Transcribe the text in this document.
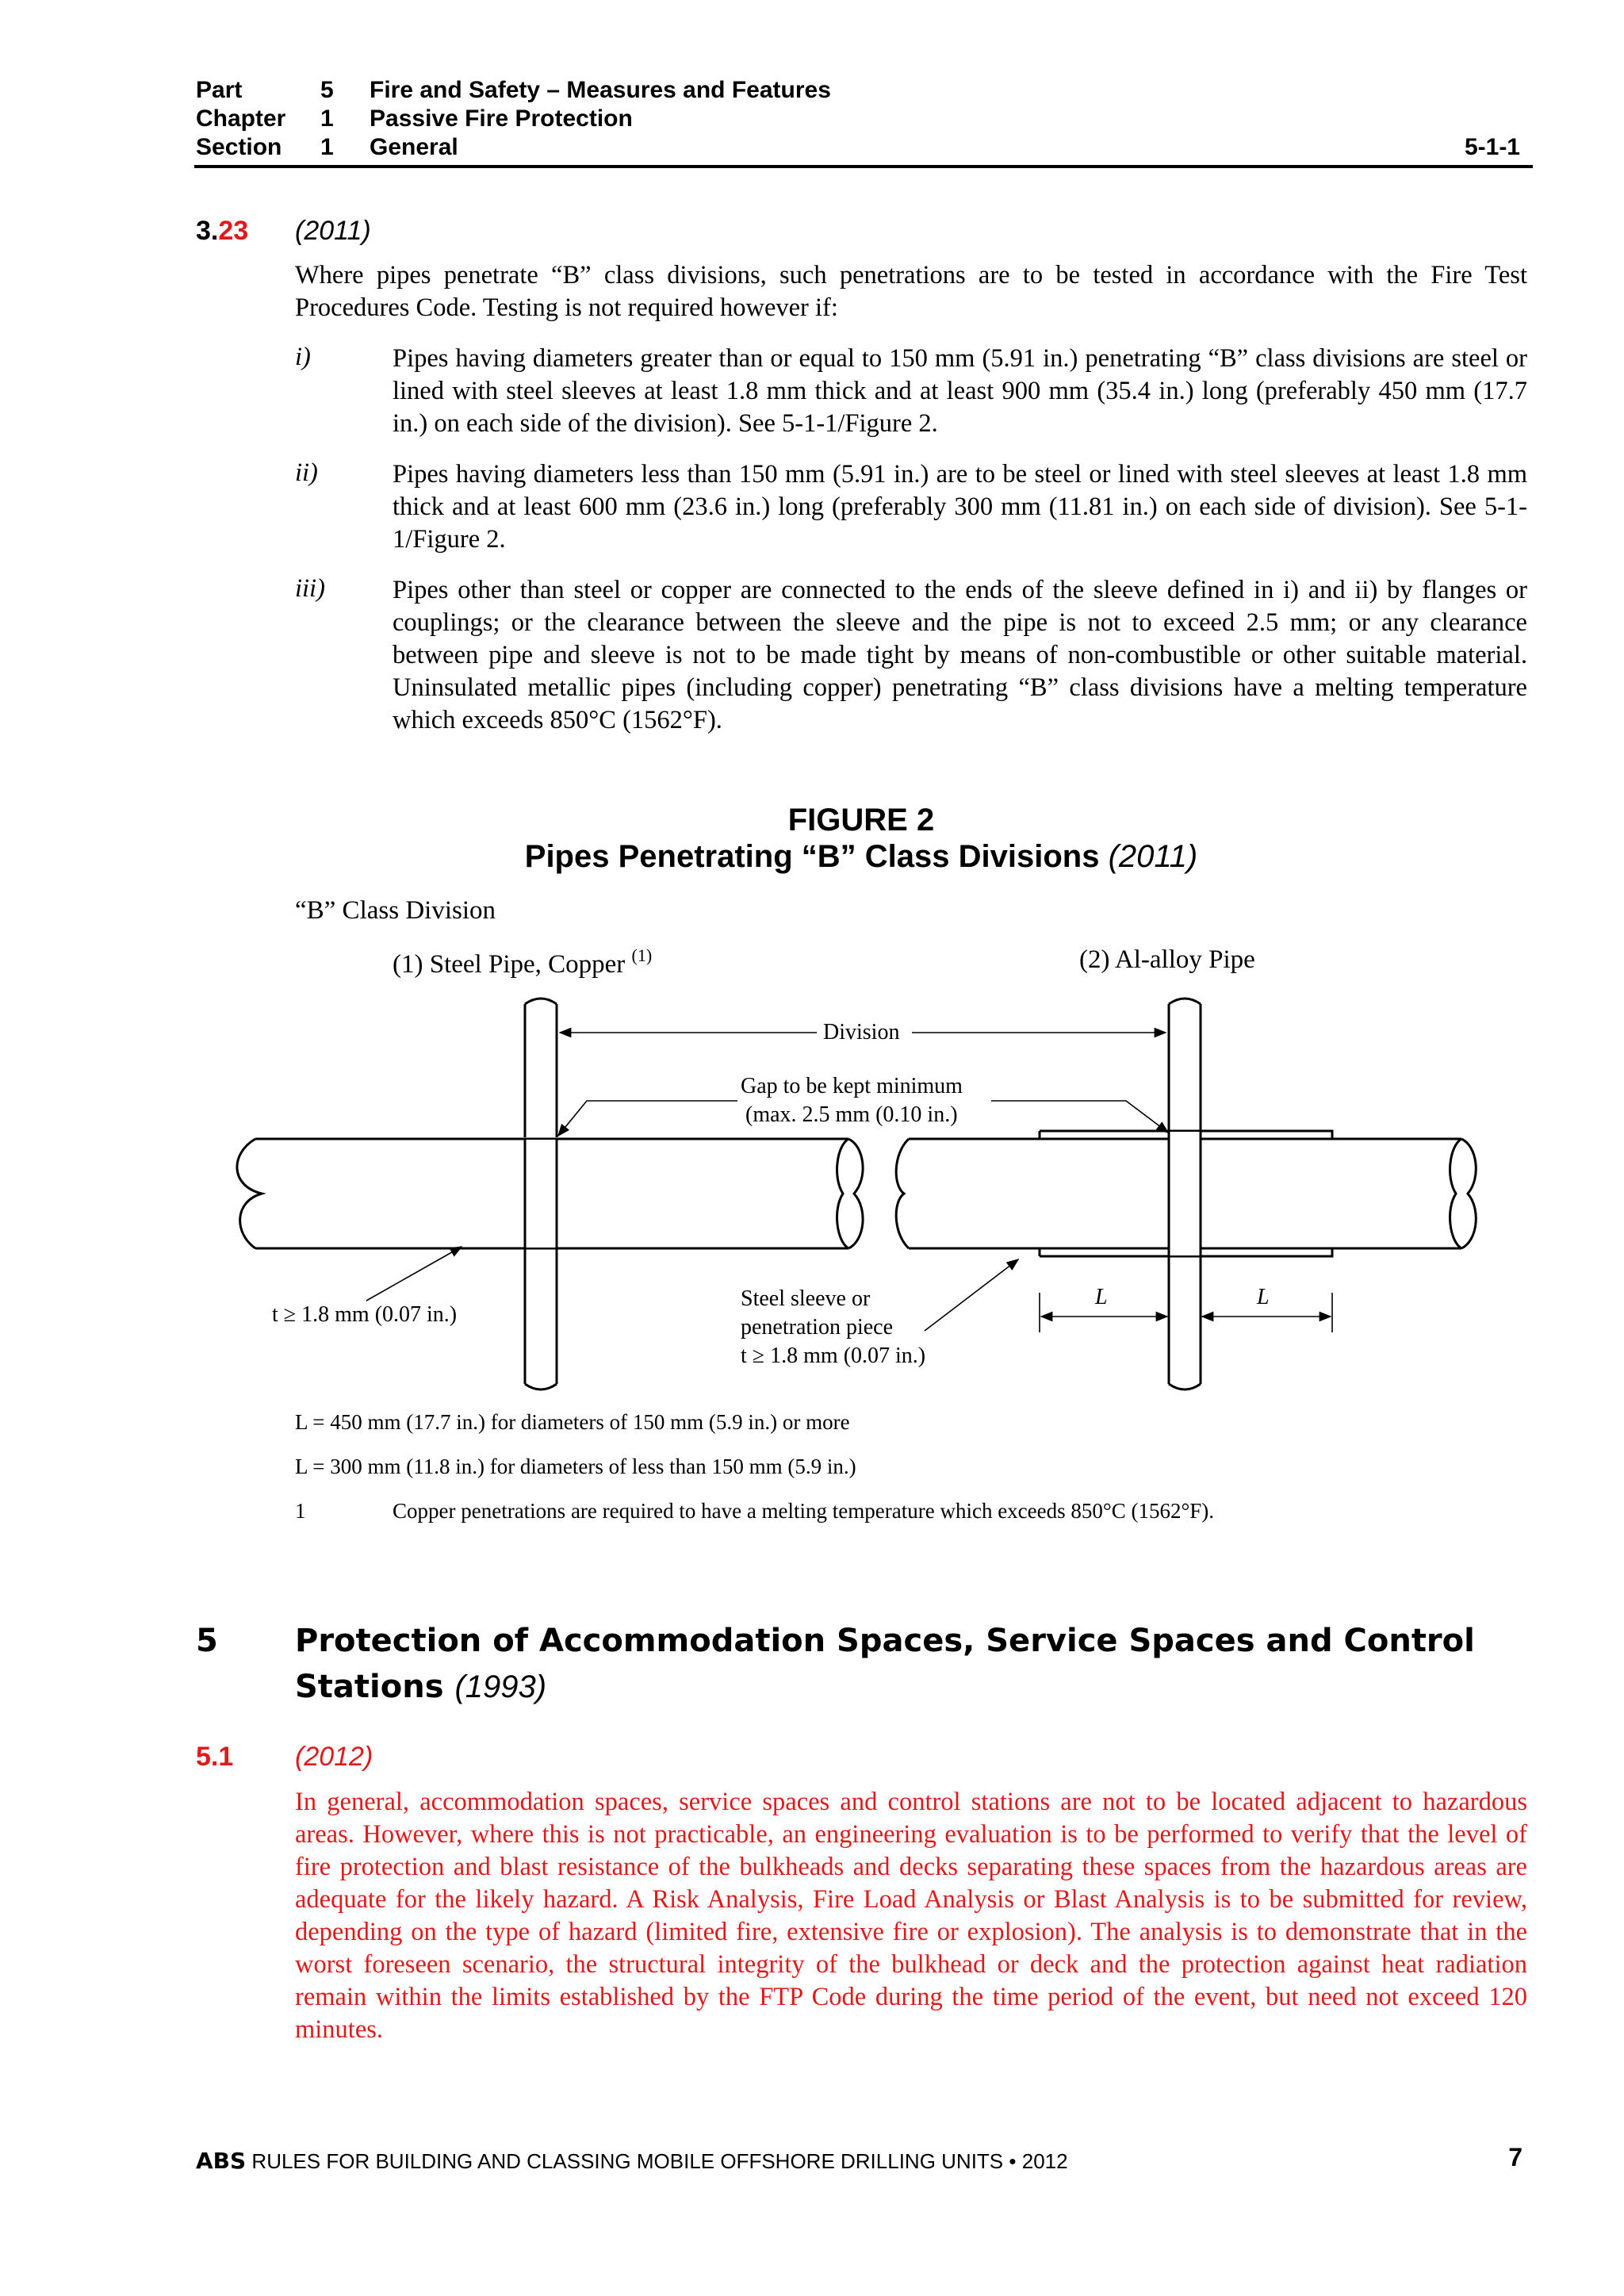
Part	5 Fire and Safety – Measures and Features
Chapter 1 Passive Fire Protection
Section 1 General	5-1-1
3.23 (2011)
Where pipes penetrate “B” class divisions, such penetrations are to be tested in accordance with the Fire Test Procedures Code. Testing is not required however if:
i)	Pipes having diameters greater than or equal to 150 mm (5.91 in.) penetrating “B” class divisions are steel or lined with steel sleeves at least 1.8 mm thick and at least 900 mm (35.4 in.) long (preferably 450 mm (17.7 in.) on each side of the division). See 5-1-1/Figure 2.
ii)	Pipes having diameters less than 150 mm (5.91 in.) are to be steel or lined with steel sleeves at least 1.8 mm thick and at least 600 mm (23.6 in.) long (preferably 300 mm (11.81 in.) on each side of division). See 5-1-1/Figure 2.
iii)	Pipes other than steel or copper are connected to the ends of the sleeve defined in i) and ii) by flanges or couplings; or the clearance between the sleeve and the pipe is not to exceed 2.5 mm; or any clearance between pipe and sleeve is not to be made tight by means of non-combustible or other suitable material. Uninsulated metallic pipes (including copper) penetrating “B” class divisions have a melting temperature which exceeds 850°C (1562°F).
FIGURE 2
Pipes Penetrating “B” Class Divisions (2011)
“B” Class Division
(1) Steel Pipe, Copper $^{(1)}$	(2) Al-alloy Pipe
Division
Gap to be kept minimum
(max. 2.5 mm (0.10 in.)
t ≥ 1.8 mm (0.07 in.)
Steel sleeve or
penetration piece
t ≥ 1.8 mm (0.07 in.)
L	L
L = 450 mm (17.7 in.) for diameters of 150 mm (5.9 in.) or more
L = 300 mm (11.8 in.) for diameters of less than 150 mm (5.9 in.)
1	Copper penetrations are required to have a melting temperature which exceeds 850°C (1562°F).
5 Protection of Accommodation Spaces, Service Spaces and Control
Stations (1993)
5.1 (2012)
In general, accommodation spaces, service spaces and control stations are not to be located adjacent to hazardous areas. However, where this is not practicable, an engineering evaluation is to be performed to verify that the level of fire protection and blast resistance of the bulkheads and decks separating these spaces from the hazardous areas are adequate for the likely hazard. A Risk Analysis, Fire Load Analysis or Blast Analysis is to be submitted for review, depending on the type of hazard (limited fire, extensive fire or explosion). The analysis is to demonstrate that in the worst foreseen scenario, the structural integrity of the bulkhead or deck and the protection against heat radiation remain within the limits established by the FTP Code during the time period of the event, but need not exceed 120 minutes.
ABS RULES FOR BUILDING AND CLASSING MOBILE OFFSHORE DRILLING UNITS • 2012	7
